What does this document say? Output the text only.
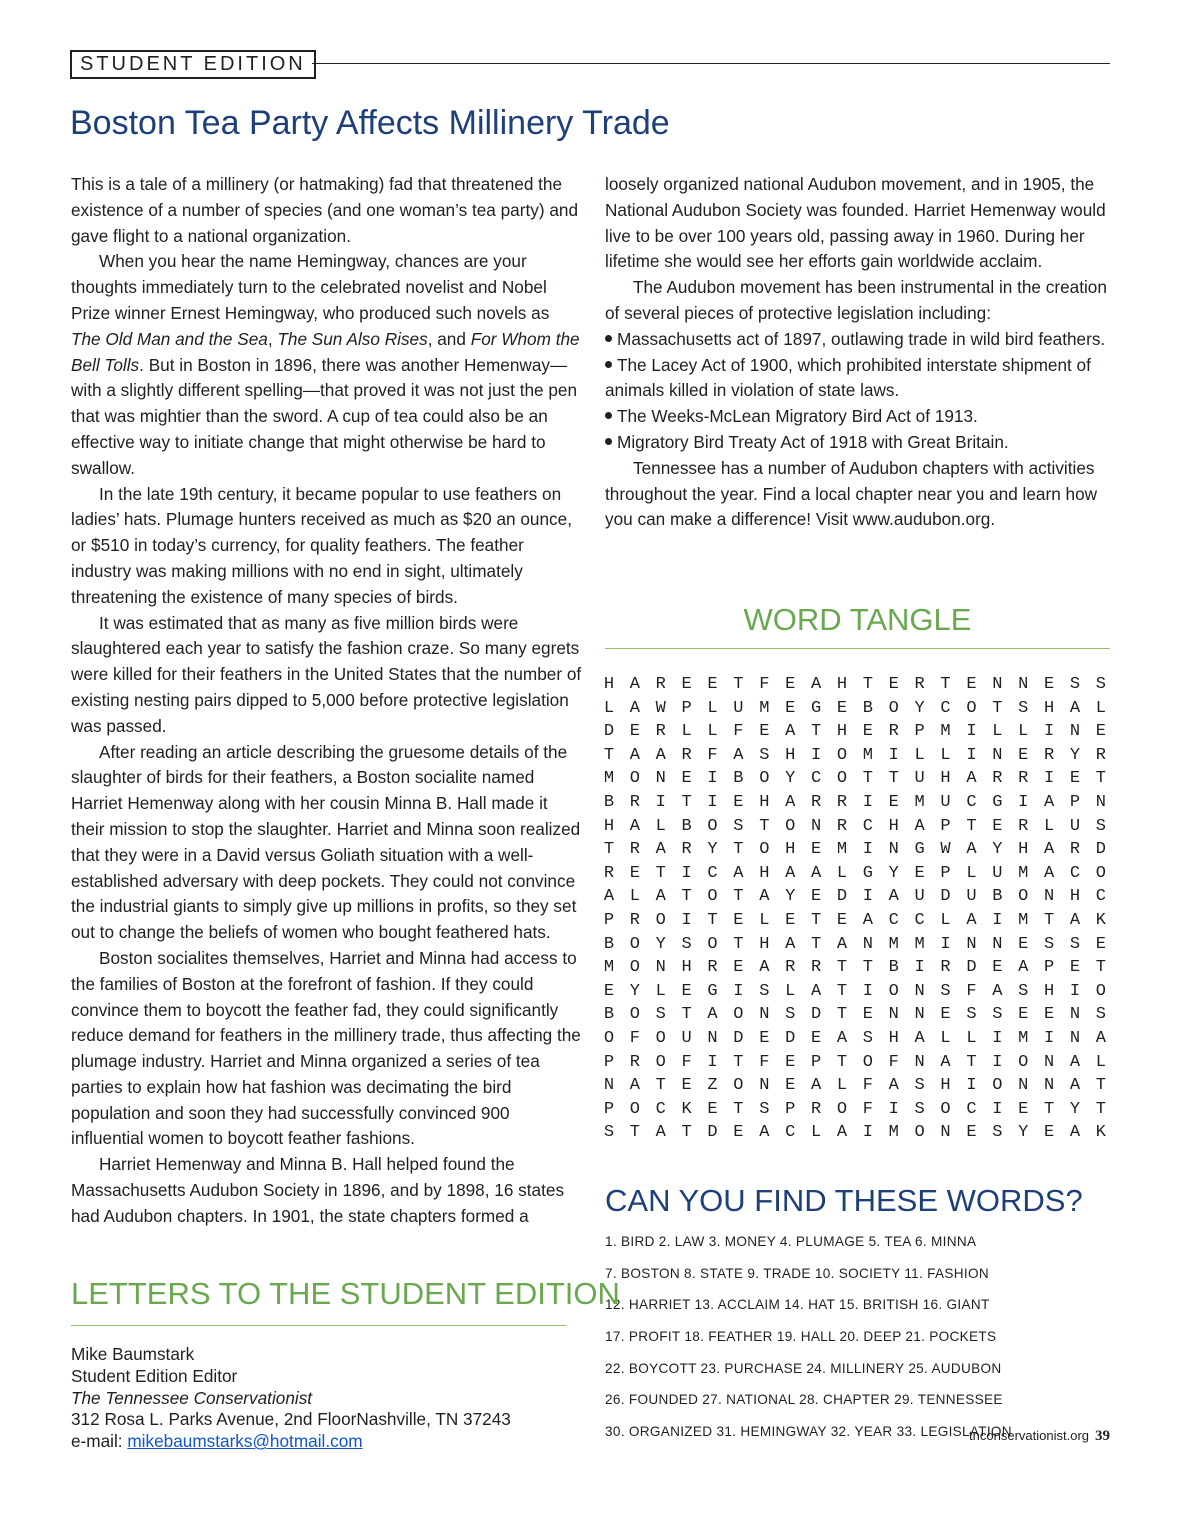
STUDENT EDITION
Boston Tea Party Affects Millinery Trade

This is a tale of a millinery (or hatmaking) fad that threatened the existence of a number of species (and one woman’s tea party) and gave flight to a national organization.

When you hear the name Hemingway, chances are your thoughts immediately turn to the celebrated novelist and Nobel Prize winner Ernest Hemingway, who produced such novels as The Old Man and the Sea, The Sun Also Rises, and For Whom the Bell Tolls. But in Boston in 1896, there was another Hemenway—with a slightly different spelling—that proved it was not just the pen that was mightier than the sword. A cup of tea could also be an effective way to initiate change that might otherwise be hard to swallow.

In the late 19th century, it became popular to use feathers on ladies’ hats. Plumage hunters received as much as $20 an ounce, or $510 in today’s currency, for quality feathers. The feather industry was making millions with no end in sight, ultimately threatening the existence of many species of birds.

It was estimated that as many as five million birds were slaughtered each year to satisfy the fashion craze. So many egrets were killed for their feathers in the United States that the number of existing nesting pairs dipped to 5,000 before protective legislation was passed.

After reading an article describing the gruesome details of the slaughter of birds for their feathers, a Boston socialite named Harriet Hemenway along with her cousin Minna B. Hall made it their mission to stop the slaughter. Harriet and Minna soon realized that they were in a David versus Goliath situation with a well-established adversary with deep pockets. They could not convince the industrial giants to simply give up millions in profits, so they set out to change the beliefs of women who bought feathered hats.

Boston socialites themselves, Harriet and Minna had access to the families of Boston at the forefront of fashion. If they could convince them to boycott the feather fad, they could significantly reduce demand for feathers in the millinery trade, thus affecting the plumage industry. Harriet and Minna organized a series of tea parties to explain how hat fashion was decimating the bird population and soon they had successfully convinced 900 influential women to boycott feather fashions.

Harriet Hemenway and Minna B. Hall helped found the Massachusetts Audubon Society in 1896, and by 1898, 16 states had Audubon chapters. In 1901, the state chapters formed a

loosely organized national Audubon movement, and in 1905, the National Audubon Society was founded. Harriet Hemenway would live to be over 100 years old, passing away in 1960. During her lifetime she would see her efforts gain worldwide acclaim.

The Audubon movement has been instrumental in the creation of several pieces of protective legislation including:

Massachusetts act of 1897, outlawing trade in wild bird feathers.
The Lacey Act of 1900, which prohibited interstate shipment of animals killed in violation of state laws.
The Weeks-McLean Migratory Bird Act of 1913.
Migratory Bird Treaty Act of 1918 with Great Britain.

Tennessee has a number of Audubon chapters with activities throughout the year. Find a local chapter near you and learn how you can make a difference! Visit www.audubon.org.

WORD TANGLE
H A R E E T F E A H T E R T E N N E S S
L A W P L U M E G E B O Y C O T S H A L
D E R L L F E A T H E R P M I L L I N E
T A A R F A S H I O M I L L I N E R Y R
M O N E I B O Y C O T T U H A R R I E T
B R I T I E H A R R I E M U C G I A P N
H A L B O S T O N R C H A P T E R L U S
T R A R Y T O H E M I N G W A Y H A R D
R E T I C A H A A L G Y E P L U M A C O
A L A T O T A Y E D I A U D U B O N H C
P R O I T E L E T E A C C L A I M T A K
B O Y S O T H A T A N M M I N N E S S E
M O N H R E A R R T T B I R D E A P E T
E Y L E G I S L A T I O N S F A S H I O
B O S T A O N S D T E N N E S S E E N S
O F O U N D E D E A S H A L L I M I N A
P R O F I T F E P T O F N A T I O N A L
N A T E Z O N E A L F A S H I O N N A T
P O C K E T S P R O F I S O C I E T Y T
S T A T D E A C L A I M O N E S Y E A K
CAN YOU FIND THESE WORDS?
1. BIRD 2. LAW 3. MONEY 4. PLUMAGE 5. TEA 6. MINNA
7. BOSTON 8. STATE 9. TRADE 10. SOCIETY 11. FASHION
12. HARRIET 13. ACCLAIM 14. HAT 15. BRITISH 16. GIANT
17. PROFIT 18. FEATHER 19. HALL 20. DEEP 21. POCKETS
22. BOYCOTT 23. PURCHASE 24. MILLINERY 25. AUDUBON
26. FOUNDED 27. NATIONAL 28. CHAPTER 29. TENNESSEE
30. ORGANIZED 31. HEMINGWAY 32. YEAR 33. LEGISLATION
LETTERS TO THE STUDENT EDITION
Mike Baumstark
Student Edition Editor
The Tennessee Conservationist
312 Rosa L. Parks Avenue, 2nd FloorNashville, TN 37243
e-mail: mikebaumstarks@hotmail.com	tnconservationist.org 39
